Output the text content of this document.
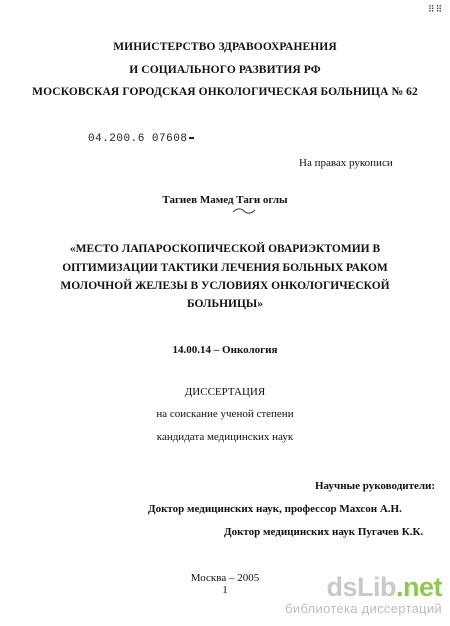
⠿⠿
МИНИСТЕРСТВО ЗДРАВООХРАНЕНИЯ
И СОЦИАЛЬНОГО РАЗВИТИЯ РФ
МОСКОВСКАЯ ГОРОДСКАЯ ОНКОЛОГИЧЕСКАЯ БОЛЬНИЦА № 62
04.200.6 07608
На правах рукописи
Тагиев Мамед Таги оглы
«МЕСТО ЛАПАРОСКОПИЧЕСКОЙ ОВАРИЭКТОМИИ В
ОПТИМИЗАЦИИ ТАКТИКИ ЛЕЧЕНИЯ БОЛЬНЫХ РАКОМ
МОЛОЧНОЙ ЖЕЛЕЗЫ В УСЛОВИЯХ ОНКОЛОГИЧЕСКОЙ
БОЛЬНИЦЫ»
14.00.14 – Онкология
ДИССЕРТАЦИЯ
на соискание ученой степени
кандидата медицинских наук
Научные руководители:
Доктор медицинских наук, профессор Махсон А.Н.
Доктор медицинских наук Пугачев К.К.
Москва – 2005
1	dsLib.net
библиотека диссертаций
